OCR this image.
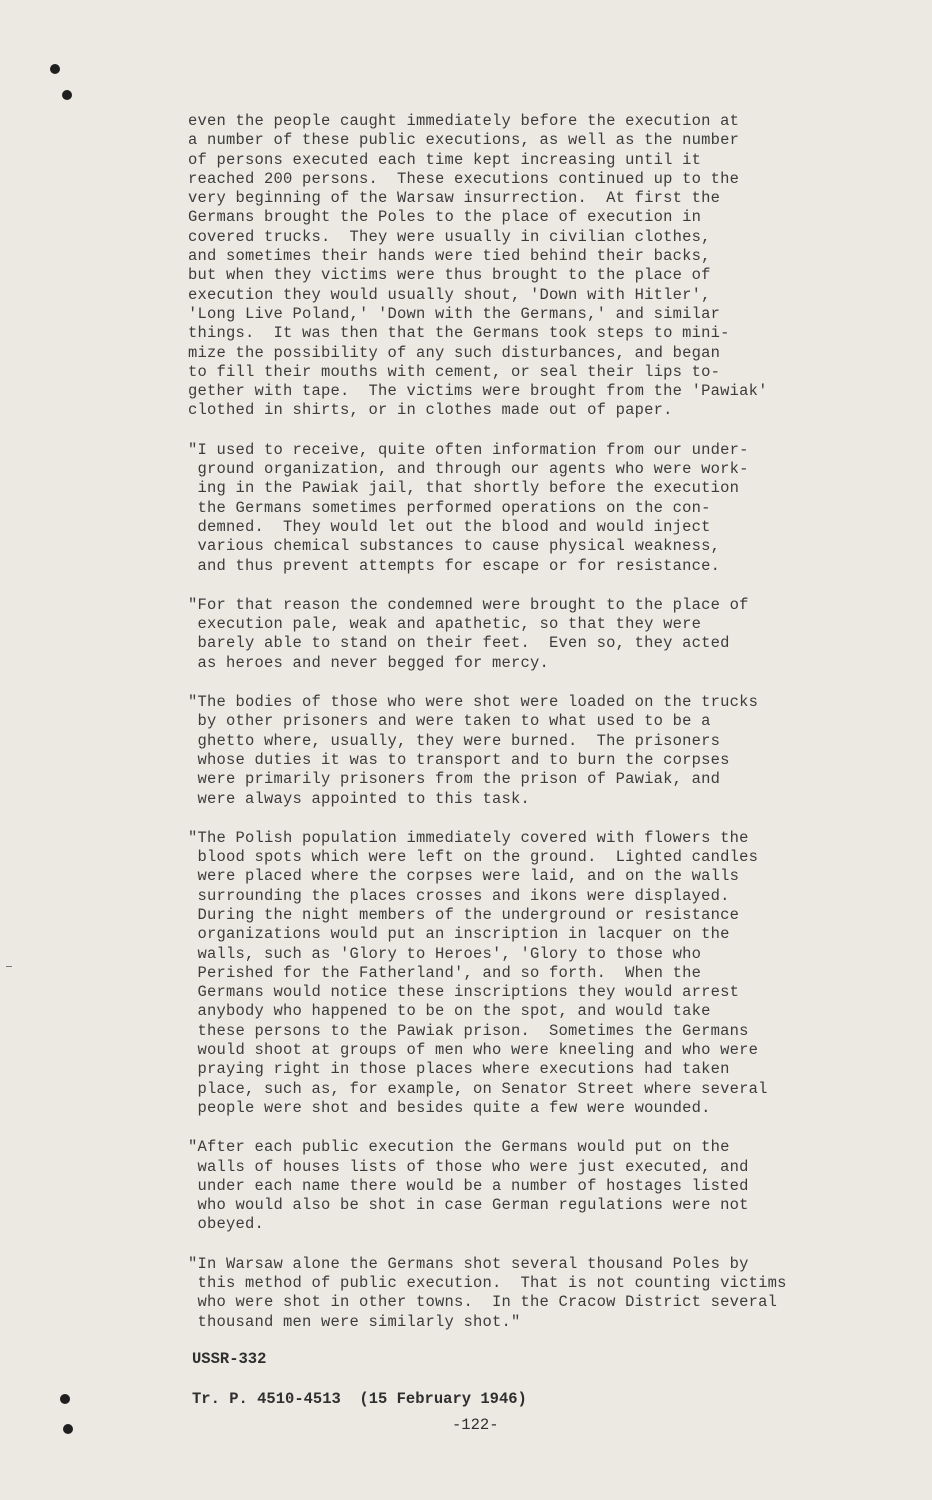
even the people caught immediately before the execution at
a number of these public executions, as well as the number
of persons executed each time kept increasing until it
reached 200 persons.  These executions continued up to the
very beginning of the Warsaw insurrection.  At first the
Germans brought the Poles to the place of execution in
covered trucks.  They were usually in civilian clothes,
and sometimes their hands were tied behind their backs,
but when they victims were thus brought to the place of
execution they would usually shout, 'Down with Hitler',
'Long Live Poland,' 'Down with the Germans,' and similar
things.  It was then that the Germans took steps to mini-
mize the possibility of any such disturbances, and began
to fill their mouths with cement, or seal their lips to-
gether with tape.  The victims were brought from the 'Pawiak'
clothed in shirts, or in clothes made out of paper.
"I used to receive, quite often information from our under-
ground organization, and through our agents who were work-
ing in the Pawiak jail, that shortly before the execution
the Germans sometimes performed operations on the con-
demned.  They would let out the blood and would inject
various chemical substances to cause physical weakness,
and thus prevent attempts for escape or for resistance.
"For that reason the condemned were brought to the place of
execution pale, weak and apathetic, so that they were
barely able to stand on their feet.  Even so, they acted
as heroes and never begged for mercy.
"The bodies of those who were shot were loaded on the trucks
by other prisoners and were taken to what used to be a
ghetto where, usually, they were burned.  The prisoners
whose duties it was to transport and to burn the corpses
were primarily prisoners from the prison of Pawiak, and
were always appointed to this task.
"The Polish population immediately covered with flowers the
blood spots which were left on the ground.  Lighted candles
were placed where the corpses were laid, and on the walls
surrounding the places crosses and ikons were displayed.
During the night members of the underground or resistance
organizations would put an inscription in lacquer on the
walls, such as 'Glory to Heroes', 'Glory to those who
Perished for the Fatherland', and so forth.  When the
Germans would notice these inscriptions they would arrest
anybody who happened to be on the spot, and would take
these persons to the Pawiak prison.  Sometimes the Germans
would shoot at groups of men who were kneeling and who were
praying right in those places where executions had taken
place, such as, for example, on Senator Street where several
people were shot and besides quite a few were wounded.
"After each public execution the Germans would put on the
walls of houses lists of those who were just executed, and
under each name there would be a number of hostages listed
who would also be shot in case German regulations were not
obeyed.
"In Warsaw alone the Germans shot several thousand Poles by
this method of public execution.  That is not counting victims
who were shot in other towns.  In the Cracow District several
thousand men were similarly shot."
USSR-332
Tr. P. 4510-4513  (15 February 1946)
-122-
